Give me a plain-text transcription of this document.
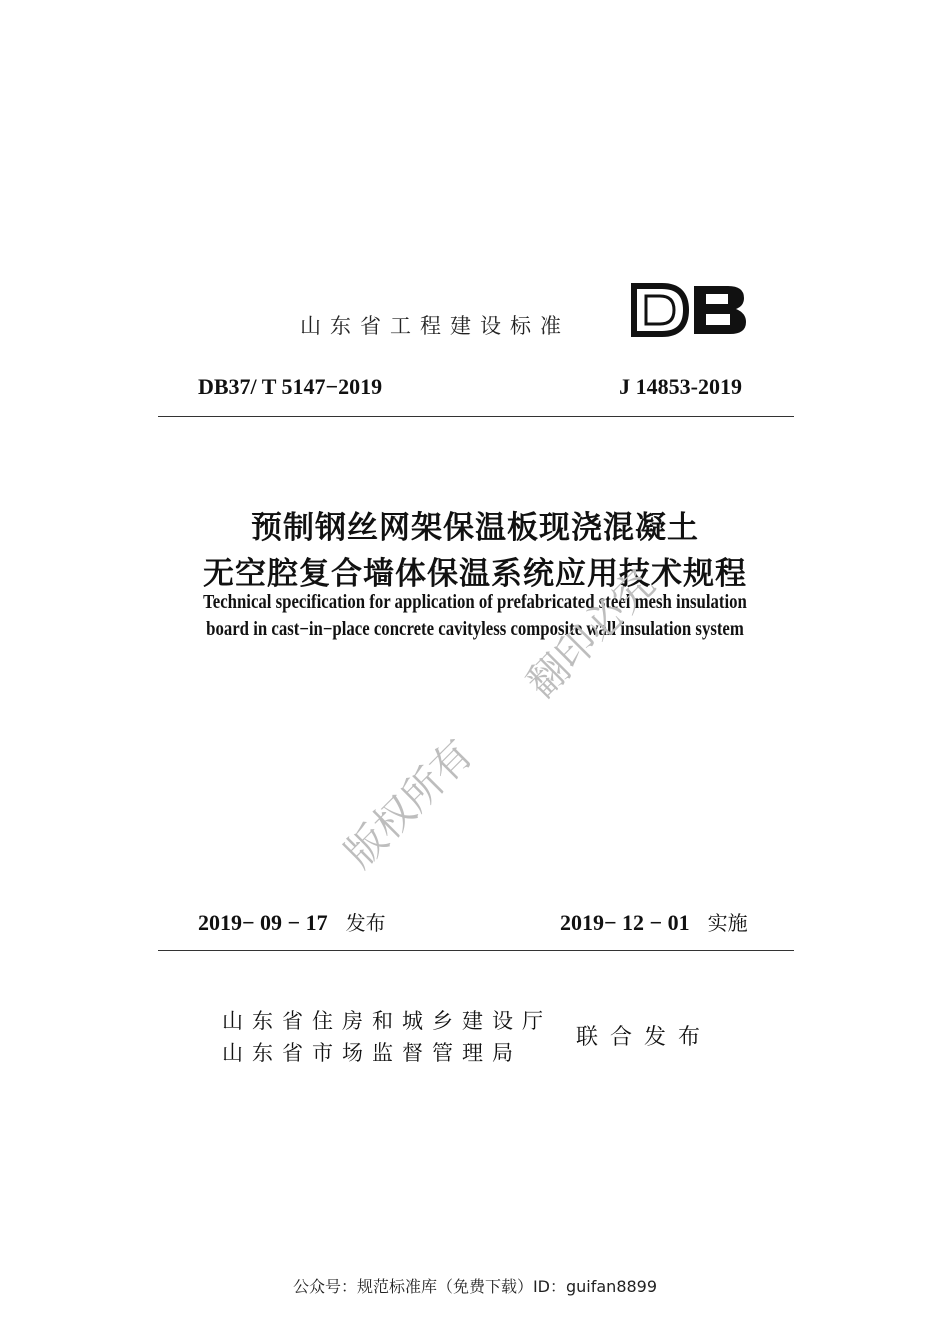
山东省工程建设标准
DB37/ T 5147−2019	J 14853-2019
预制钢丝网架保温板现浇混凝土
无空腔复合墙体保温系统应用技术规程
Technical specification for application of prefabricated steel mesh insulation
board in cast−in−place concrete cavityless composite wall insulation system
版权所有
翻印必究
2019− 09 − 17 发布	2019− 12 − 01 实施
山东省住房和城乡建设厅
山东省市场监督管理局
联合发布
公众号：规范标准库（免费下载）ID：guifan8899
